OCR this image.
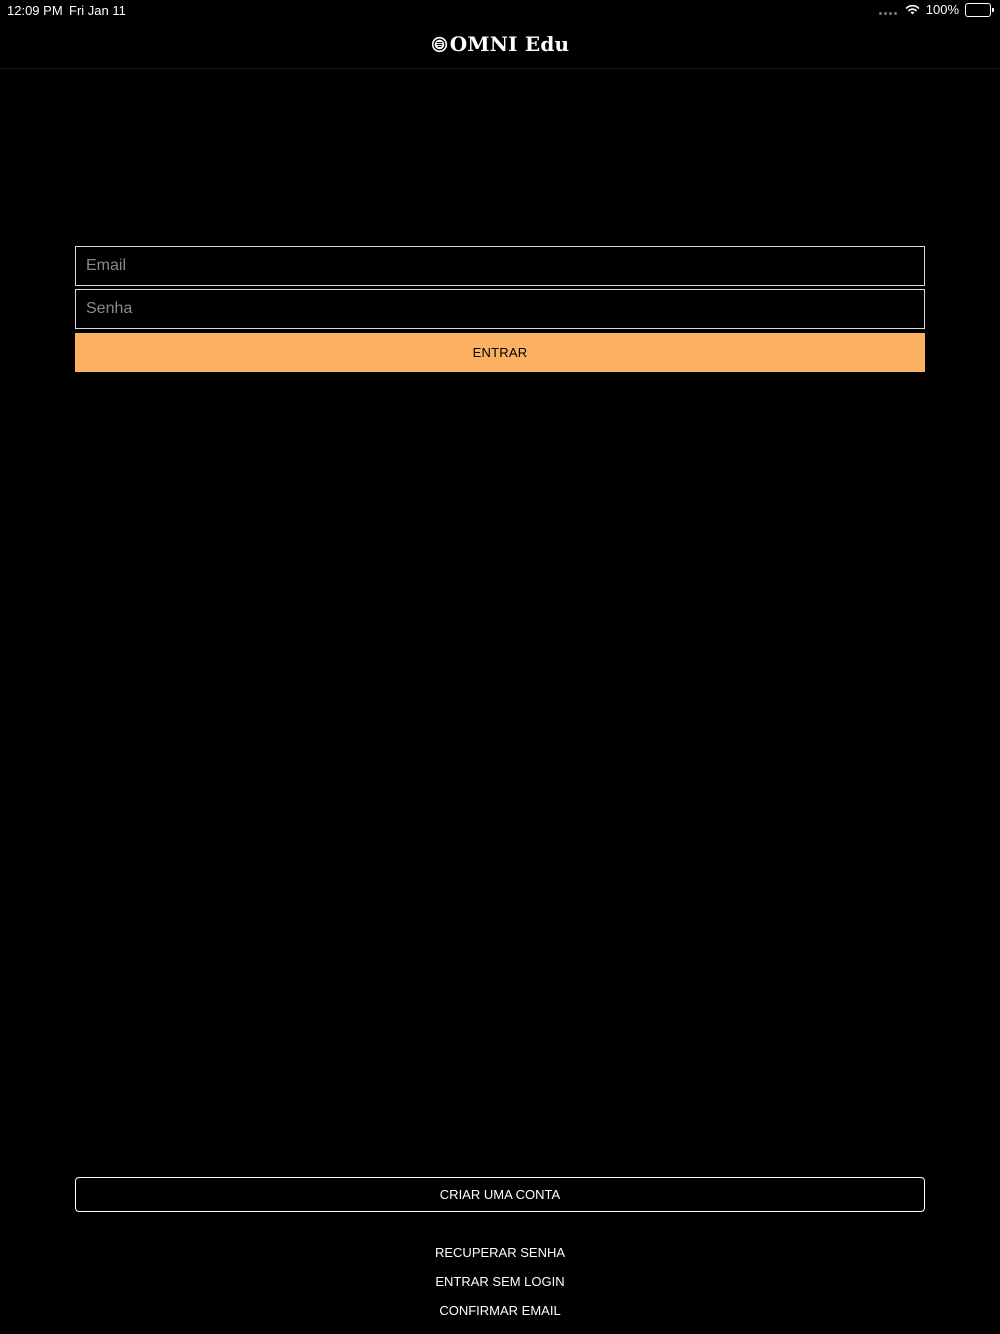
12:09 PM Fri Jan 11	100%
OMNI Edu
Email
ENTRAR
CRIAR UMA CONTA
RECUPERAR SENHA
ENTRAR SEM LOGIN
CONFIRMAR EMAIL
